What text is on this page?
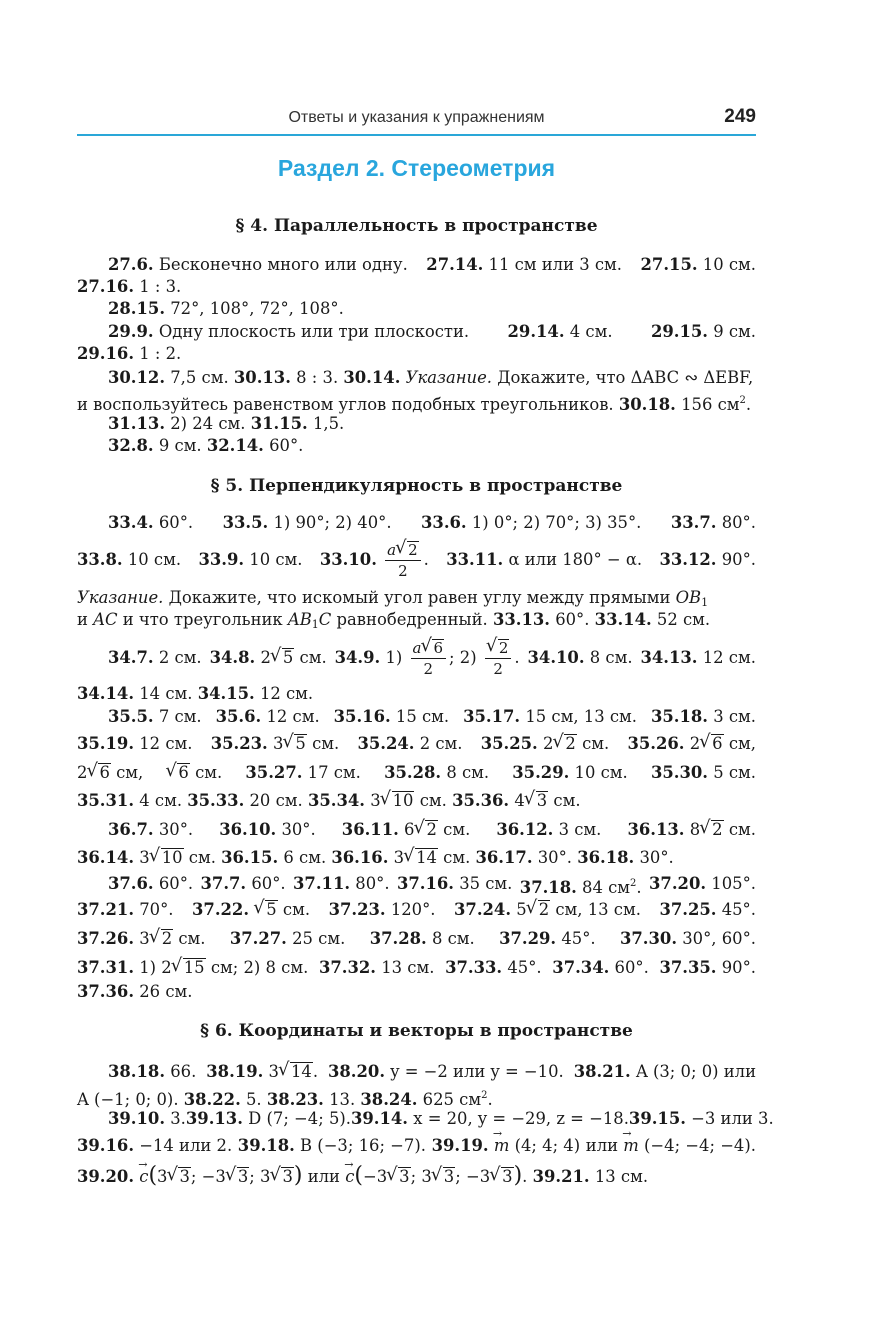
Ответы и указания к упражнениям	249
Раздел 2. Стереометрия
§ 4. Параллельность в пространстве
27.6. Бесконечно много или одну. 27.14. 11 см или 3 см. 27.15. 10 см.
27.16. 1 : 3.
28.15. 72°, 108°, 72°, 108°.
29.9. Одну плоскость или три плоскости. 29.14. 4 см. 29.15. 9 см.
29.16. 1 : 2.
30.12. 7,5 см. 30.13. 8 : 3. 30.14. Указание. Докажите, что ΔABC ∾ ΔEBF,
и воспользуйтесь равенством углов подобных треугольников. 30.18. 156 $см^2$.
31.13. 2) 24 см. 31.15. 1,5.
32.8. 9 см. 32.14. 60°.
§ 5. Перпендикулярность в пространстве
33.4. 60°. 33.5. 1) 90°; 2) 40°. 33.6. 1) 0°; 2) 70°; 3) 35°. 33.7. 80°.
33.8. 10 см. 33.9. 10 см. 33.10. $\frac{a √ 2}{2}$ . 33.11. α или 180° − α. 33.12. 90°.
Указание. Докажите, что искомый угол равен углу между прямыми $OB_1$
и AC и что треугольник $AB_1C$ равнобедренный. 33.13. 60°. 33.14. 52 см.
34.7. 2 см. 34.8. 2 √ 5 см. 34.9. $1) \frac{a √ 6}{2}$ ; 2) √ $\frac{2}{2}$ . 34.10. 8 см. 34.13. 12 см.
34.14. 14 см. 34.15. 12 см.
35.5. 7 см. 35.6. 12 см. 35.16. 15 см. 35.17. 15 см, 13 см. 35.18. 3 см.
35.19. 12 см. 35.23. 3 √ 5 см. 35.24. 2 см. 35.25. 2 √ 2 см. 35.26. 2 √ 6 см,
2 √ 6 см,	√ 6 см. 35.27. 17 см. 35.28. 8 см. 35.29. 10 см. 35.30. 5 см.
35.31. 4 см. 35.33. 20 см. 35.34. 3 √ 10 см. 35.36. 4 √ 3 см.
36.7. 30°. 36.10. 30°. 36.11. 6 √ 2 см. 36.12. 3 см. 36.13. 8 √ 2 см.
36.14. 3 √ 10 см. 36.15. 6 см. 36.16. 3 √ 14 см. 36.17. 30°. 36.18. 30°.
37.6. 60°. 37.7. 60°. 37.11. 80°. 37.16. 35 см. 37.18. 84 $см^2$. 37.20. 105°.
37.21. 70°. 37.22. √ 5 см. 37.23. 120°. 37.24. 5 √ 2 см, 13 см. 37.25. 45°.
37.26. 3 √ 2 см. 37.27. 25 см. 37.28. 8 см. 37.29. 45°. 37.30. 30°, 60°.
37.31. 1) 2 √ 15 см; 2) 8 см. 37.32. 13 см. 37.33. 45°. 37.34. 60°. 37.35. 90°.
37.36. 26 см.
§ 6. Координаты и векторы в пространстве
38.18. 66. 38.19. 3 √ 14. 38.20. y = −2 или y = −10. 38.21. A (3; 0; 0) или
A (−1; 0; 0). 38.22. 5. 38.23. 13. 38.24. 625 $см^2$.
39.10. 3. 39.13. D (7; −4; 5). 39.14. x = 20, y = −29, z = −18. 39.15. −3 или 3.
39.16. −14 или 2. 39.18. B (−3; 16; −7). 39.19. m → (4; 4; 4) или m → (−4; −4; −4).
39.20. c →(3 √ 3; −3 √ 3; 3 √ 3) или c →(−3 √ 3; 3 √ 3; −3 √ 3). 39.21. 13 см.
